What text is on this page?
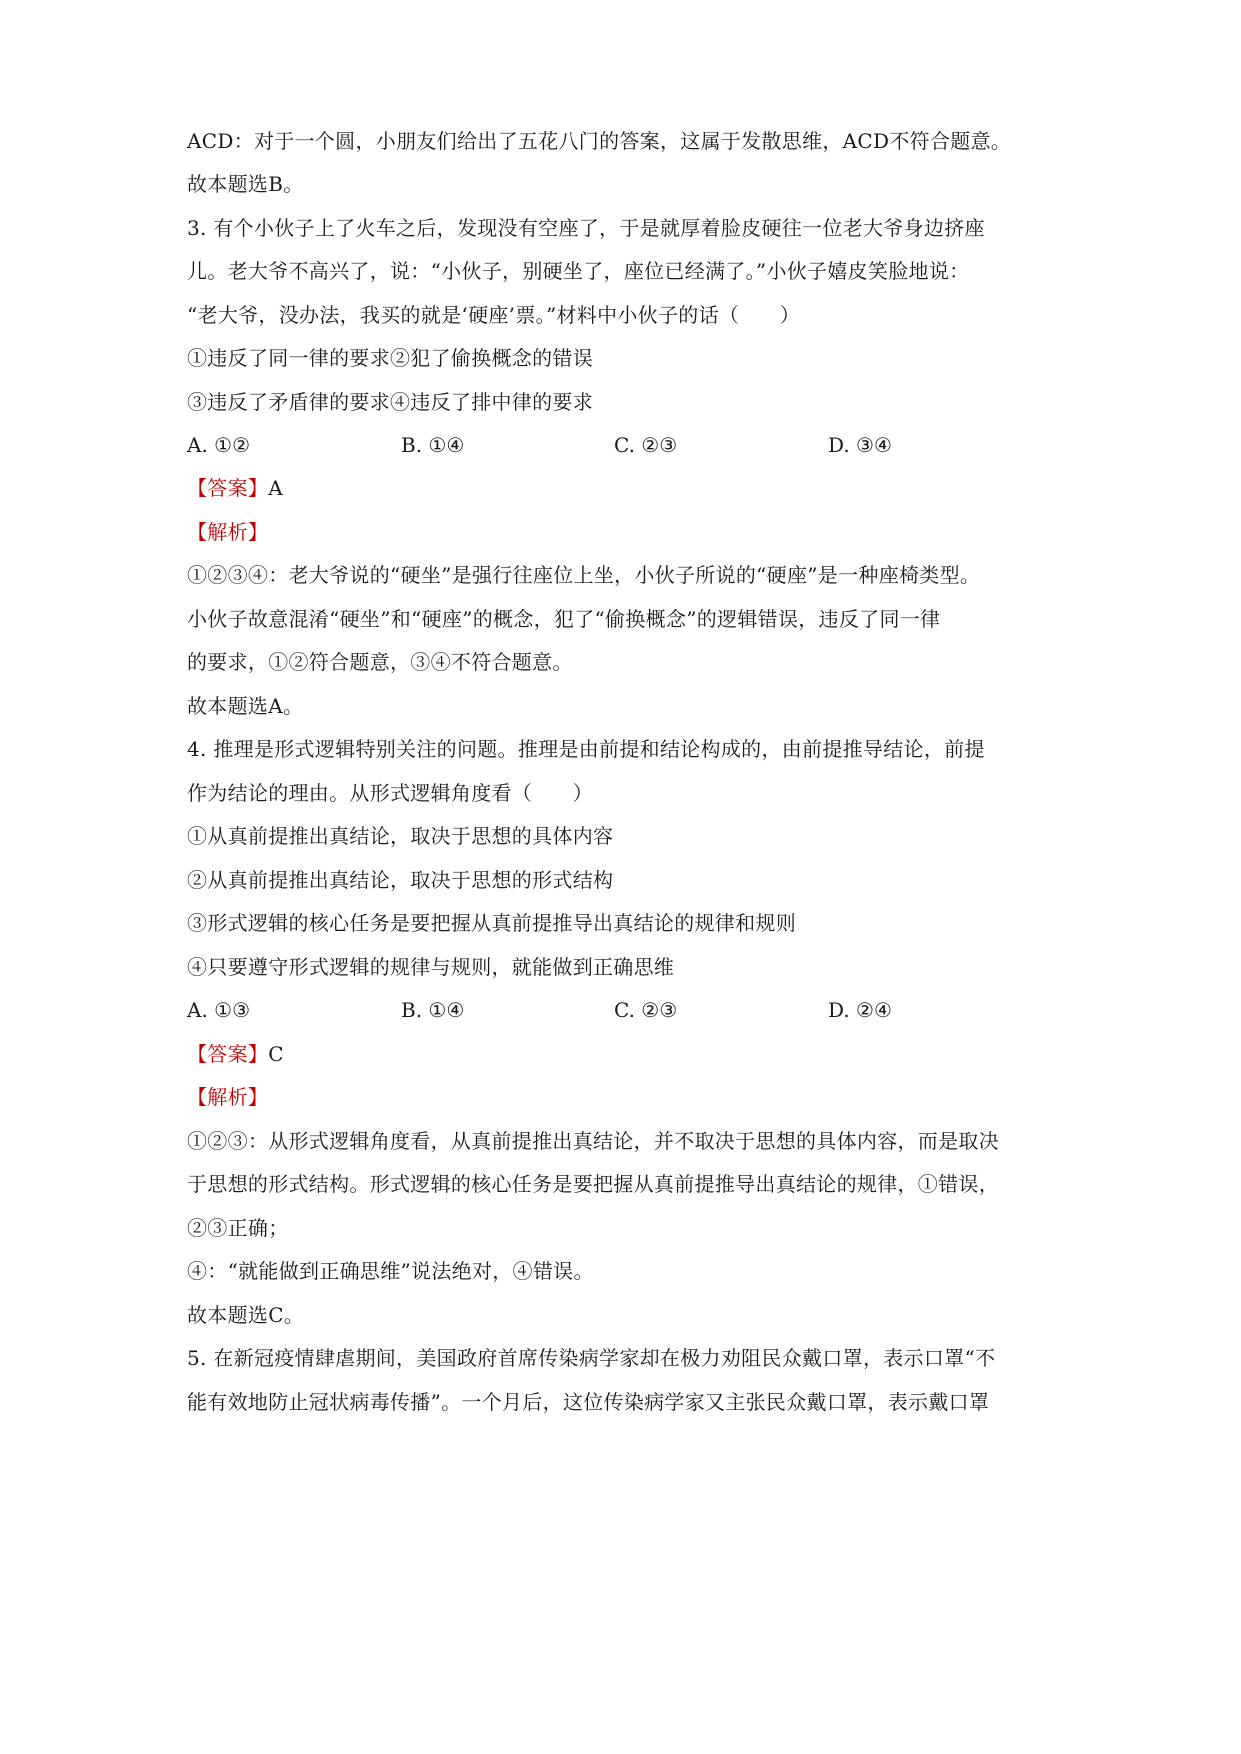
ACD：对于一个圆，小朋友们给出了五花八门的答案，这属于发散思维，ACD不符合题意。
故本题选B。
3. 有个小伙子上了火车之后，发现没有空座了，于是就厚着脸皮硬往一位老大爷身边挤座
儿。老大爷不高兴了，说：“小伙子，别硬坐了，座位已经满了。”小伙子嬉皮笑脸地说：
“老大爷，没办法，我买的就是‘硬座’票。”材料中小伙子的话（　　）
①违反了同一律的要求②犯了偷换概念的错误
③违反了矛盾律的要求④违反了排中律的要求
A. ①②	B. ①④	C. ②③	D. ③④
【答案】A
【解析】
①②③④：老大爷说的“硬坐”是强行往座位上坐，小伙子所说的“硬座”是一种座椅类型。
小伙子故意混淆“硬坐”和“硬座”的概念，犯了“偷换概念”的逻辑错误，违反了同一律
的要求，①②符合题意，③④不符合题意。
故本题选A。
4. 推理是形式逻辑特别关注的问题。推理是由前提和结论构成的，由前提推导结论，前提
作为结论的理由。从形式逻辑角度看（　　）
①从真前提推出真结论，取决于思想的具体内容
②从真前提推出真结论，取决于思想的形式结构
③形式逻辑的核心任务是要把握从真前提推导出真结论的规律和规则
④只要遵守形式逻辑的规律与规则，就能做到正确思维
A. ①③	B. ①④	C. ②③	D. ②④
【答案】C
【解析】
①②③：从形式逻辑角度看，从真前提推出真结论，并不取决于思想的具体内容，而是取决
于思想的形式结构。形式逻辑的核心任务是要把握从真前提推导出真结论的规律，①错误，
②③正确；
④：“就能做到正确思维”说法绝对，④错误。
故本题选C。
5. 在新冠疫情肆虐期间，美国政府首席传染病学家却在极力劝阻民众戴口罩，表示口罩“不
能有效地防止冠状病毒传播”。一个月后，这位传染病学家又主张民众戴口罩，表示戴口罩
